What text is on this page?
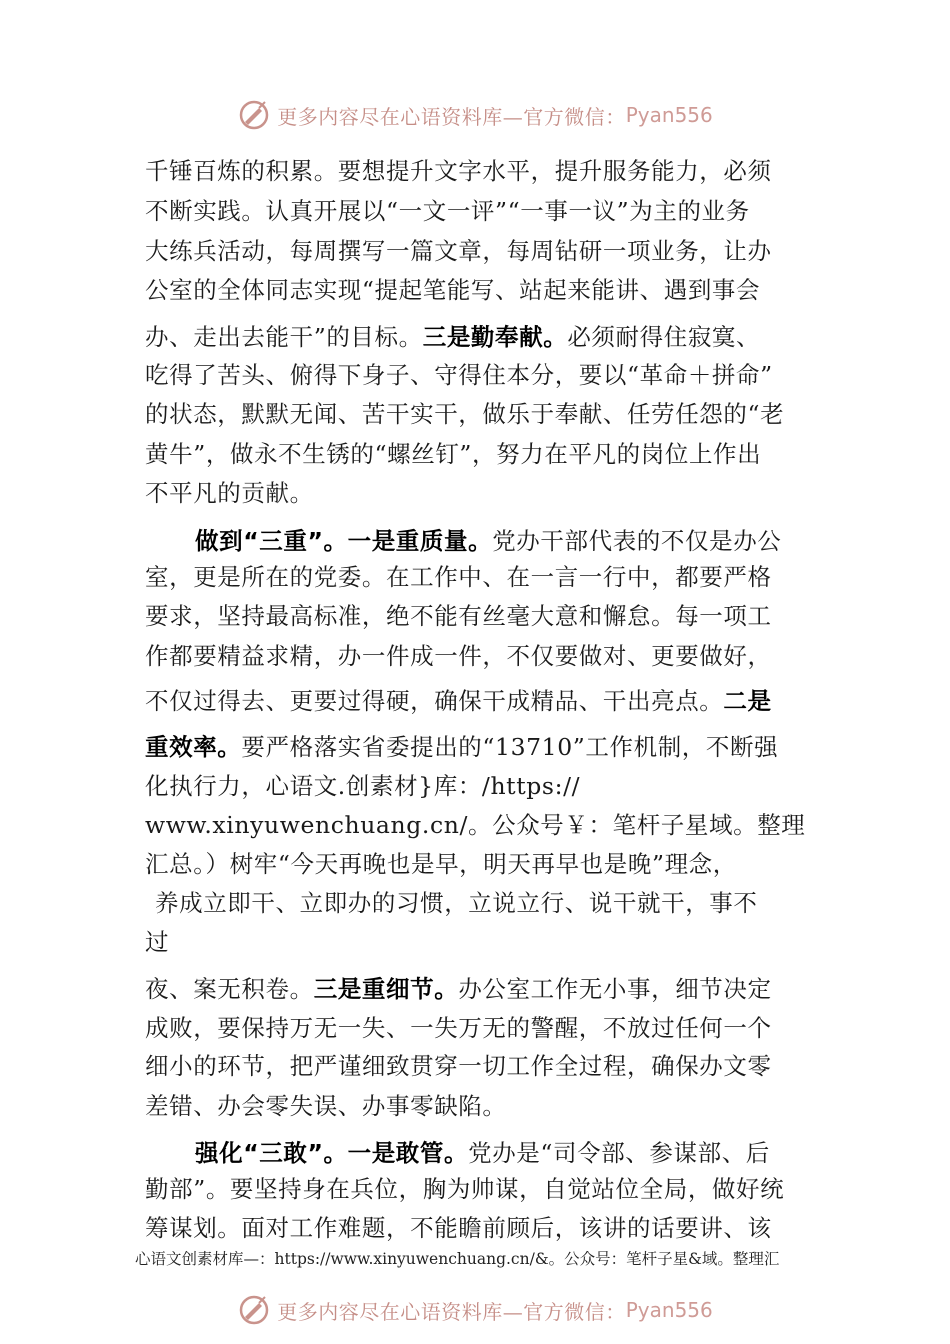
更多内容尽在心语资料库—官方微信： Pyan556
千锤百炼的积累。要想提升文字水平，提升服务能力，必须
不断实践。认真开展以“一文一评”“一事一议”为主的业务
大练兵活动，每周撰写一篇文章，每周钻研一项业务，让办
公室的全体同志实现“提起笔能写、站起来能讲、遇到事会
办、走出去能干”的目标。三是勤奉献。必须耐得住寂寞、
吃得了苦头、俯得下身子、守得住本分，要以“革命＋拼命”
的状态，默默无闻、苦干实干，做乐于奉献、任劳任怨的“老
黄牛”，做永不生锈的“螺丝钉”，努力在平凡的岗位上作出
不平凡的贡献。
做到“三重”。一是重质量。党办干部代表的不仅是办公
室，更是所在的党委。在工作中、在一言一行中，都要严格
要求，坚持最高标准，绝不能有丝毫大意和懈怠。每一项工
作都要精益求精，办一件成一件，不仅要做对、更要做好，
不仅过得去、更要过得硬，确保干成精品、干出亮点。二是
重效率。要严格落实省委提出的“13710”工作机制，不断强
化执行力，心语文.创素材}库：/https://
www.xinyuwenchuang.cn/。公众号￥：笔杆子星域。整理
汇总。）树牢“今天再晚也是早，明天再早也是晚”理念，
养成立即干、立即办的习惯，立说立行、说干就干，事不
过
夜、案无积卷。三是重细节。办公室工作无小事，细节决定
成败，要保持万无一失、一失万无的警醒，不放过任何一个
细小的环节，把严谨细致贯穿一切工作全过程，确保办文零
差错、办会零失误、办事零缺陷。
强化“三敢”。一是敢管。党办是“司令部、参谋部、后
勤部”。要坚持身在兵位，胸为帅谋，自觉站位全局，做好统
筹谋划。面对工作难题，不能瞻前顾后，该讲的话要讲、该
心语文创素材库—：https://www.xinyuwenchuang.cn/&。公众号：笔杆子星&域。整理汇
更多内容尽在心语资料库—官方微信： Pyan556
